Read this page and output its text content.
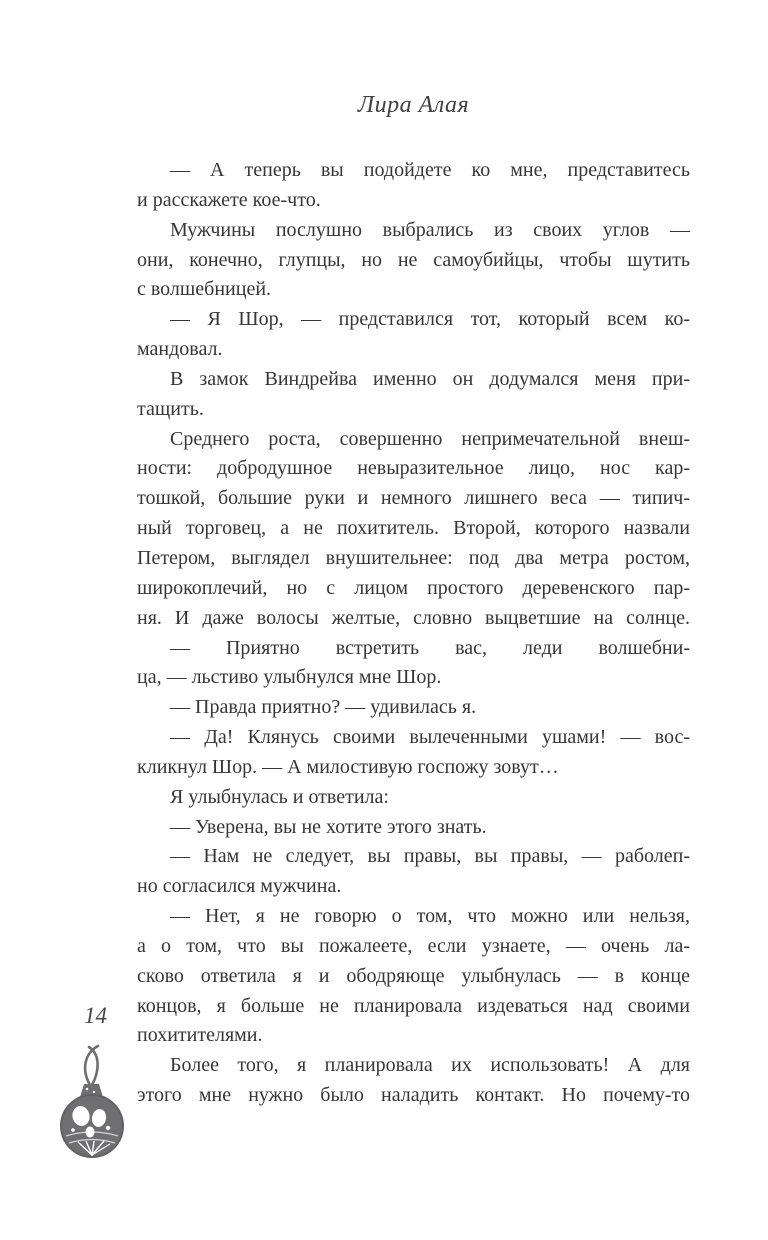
Лира Алая
— А теперь вы подойдете ко мне, представитесь
и расскажете кое-что.
Мужчины послушно выбрались из своих углов —
они, конечно, глупцы, но не самоубийцы, чтобы шутить
с волшебницей.
— Я Шор, — представился тот, который всем ко-
мандовал.
В замок Виндрейва именно он додумался меня при-
тащить.
Среднего роста, совершенно непримечательной внеш-
ности: добродушное невыразительное лицо, нос кар-
тошкой, большие руки и немного лишнего веса — типич-
ный торговец, а не похититель. Второй, которого назвали
Петером, выглядел внушительнее: под два метра ростом,
широкоплечий, но с лицом простого деревенского пар-
ня. И даже волосы желтые, словно выцветшие на солнце.
— Приятно встретить вас, леди волшебни-
ца, — льстиво улыбнулся мне Шор.
— Правда приятно? — удивилась я.
— Да! Клянусь своими вылеченными ушами! — вос-
кликнул Шор. — А милостивую госпожу зовут…
Я улыбнулась и ответила:
— Уверена, вы не хотите этого знать.
— Нам не следует, вы правы, вы правы, — раболеп-
но согласился мужчина.
— Нет, я не говорю о том, что можно или нельзя,
а о том, что вы пожалеете, если узнаете, — очень ла-
сково ответила я и ободряюще улыбнулась — в конце
концов, я больше не планировала издеваться над своими
похитителями.
Более того, я планировала их использовать! А для
этого мне нужно было наладить контакт. Но почему-то
14
